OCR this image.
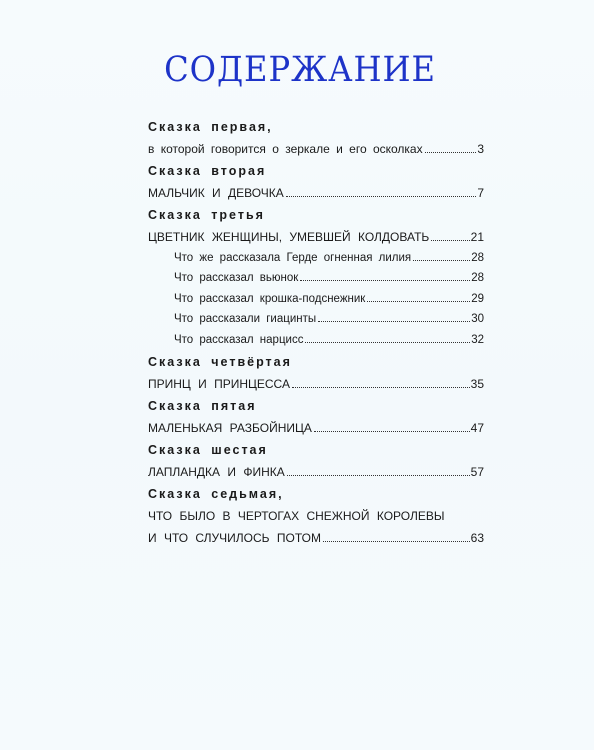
СОДЕРЖАНИЕ
Сказка первая,
в которой говорится о зеркале и его осколках	3
Сказка вторая
МАЛЬЧИК И ДЕВОЧКА	7
Сказка третья
ЦВЕТНИК ЖЕНЩИНЫ, УМЕВШЕЙ КОЛДОВАТЬ	21
Что же рассказала Герде огненная лилия	28
Что рассказал вьюнок	28
Что рассказал крошка-подснежник	29
Что рассказали гиацинты	30
Что рассказал нарцисс	32
Сказка четвёртая
ПРИНЦ И ПРИНЦЕССА	35
Сказка пятая
МАЛЕНЬКАЯ РАЗБОЙНИЦА	47
Сказка шестая
ЛАПЛАНДКА И ФИНКА	57
Сказка седьмая,
ЧТО БЫЛО В ЧЕРТОГАХ СНЕЖНОЙ КОРОЛЕВЫ
И ЧТО СЛУЧИЛОСЬ ПОТОМ	63
